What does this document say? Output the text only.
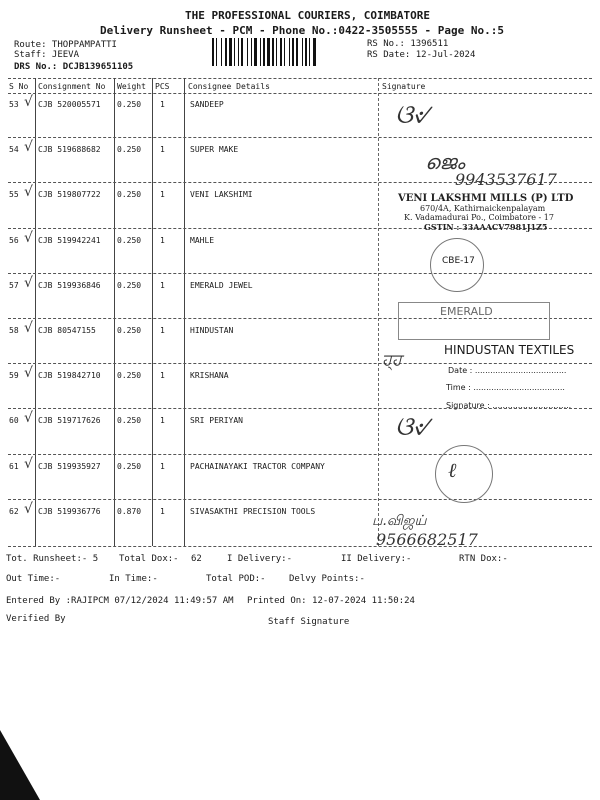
THE PROFESSIONAL COURIERS, COIMBATORE
Delivery Runsheet - PCM - Phone No.:0422-3505555 - Page No.:5
Route: THOPPAMPATTI
Staff: JEEVA
DRS No.: DCJB139651105
RS No.: 1396511
RS Date: 12-Jul-2024
S No Consignment No Weight PCS Consignee Details	Signature
53 CJB 520005571 0.250 1	SANDEEP
√
54 CJB 519688682 0.250 1	SUPER MAKE
√
55 CJB 519807722 0.250 1	VENI LAKSHIMI
√
56 CJB 519942241 0.250 1	MAHLE
√
57 CJB 519936846 0.250 1	EMERALD JEWEL
√
58 CJB 80547155	0.250 1	HINDUSTAN
√
59 CJB 519842710 0.250 1	KRISHANA
√
60 CJB 519717626 0.250 1	SRI PERIYAN
√
61 CJB 519935927 0.250 1	PACHAINAYAKI TRACTOR COMPANY
√
62 CJB 519936776 0.870 1	SIVASAKTHI PRECISION TOOLS
√
ଓ୰
ജെം
9943537617
VENI LAKSHMI MILLS (P) LTD
670/4A, Kathirnaickenpalayam
K. Vadamadurai Po., Coimbatore - 17
GSTIN : 33AAACV7981J1Z5
CBE-17
EMERALD
HINDUSTAN TEXTILES
ਹ੍ਹ
Date : ....................................
Time : ....................................
Signature : ...............................
ଓ୰
ℓ
ப.விஜய்
9566682517
Tot. Runsheet:- 5 Total Dox:- 62	I Delivery:-	II Delivery:-	RTN Dox:-
Out Time:-	In Time:-	Total POD:-	Delvy Points:-
Entered By :RAJIPCM 07/12/2024 11:49:57 AM Printed On: 12-07-2024 11:50:24
Verified By	Staff Signature
